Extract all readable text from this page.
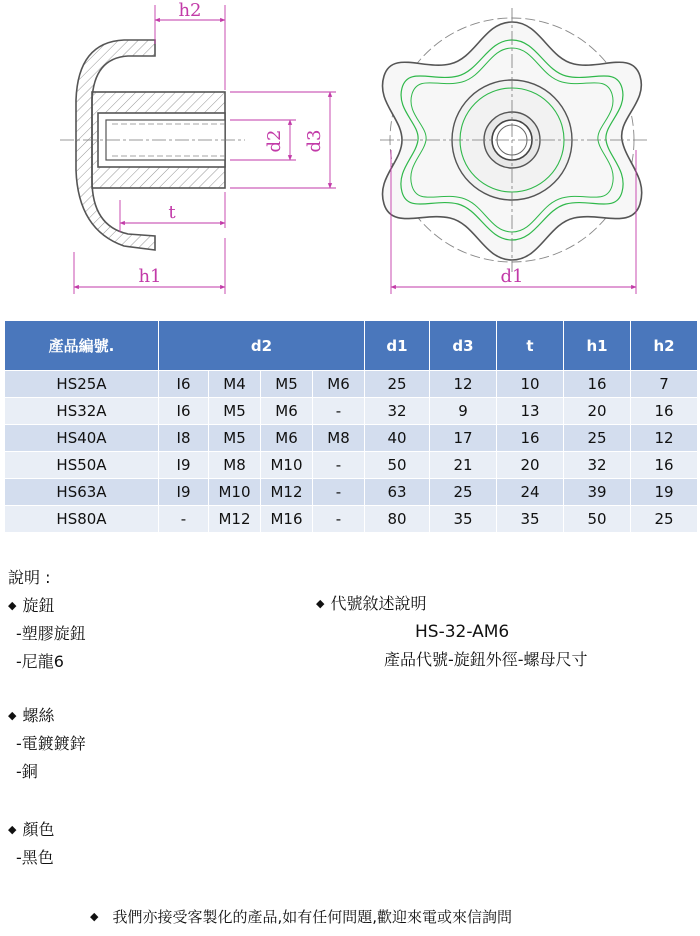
h2
d2 d3
t
h1	d1
產品編號.	d2				d1	d3	t	h1	h2
HS25A	I6	M4	M5	M6	25	12	10	16	7
HS32A	I6	M5	M6	-	32	9	13	20	16
HS40A	I8	M5	M6	M8	40	17	16	25	12
HS50A	I9	M8	M10	-	50	21	20	32	16
HS63A	I9	M10	M12	-	63	25	24	39	19
HS80A	-	M12	M16	-	80	35	35	50	25
說明 :
◆ 旋鈕
-塑膠旋鈕
-尼龍6
◆ 螺絲
-電鍍鍍鋅
-銅
◆ 顏色
-黑色
◆ 代號敘述說明
HS-32-AM6
產品代號-旋鈕外徑-螺母尺寸
◆ 我們亦接受客製化的產品,如有任何問題,歡迎來電或來信詢問
